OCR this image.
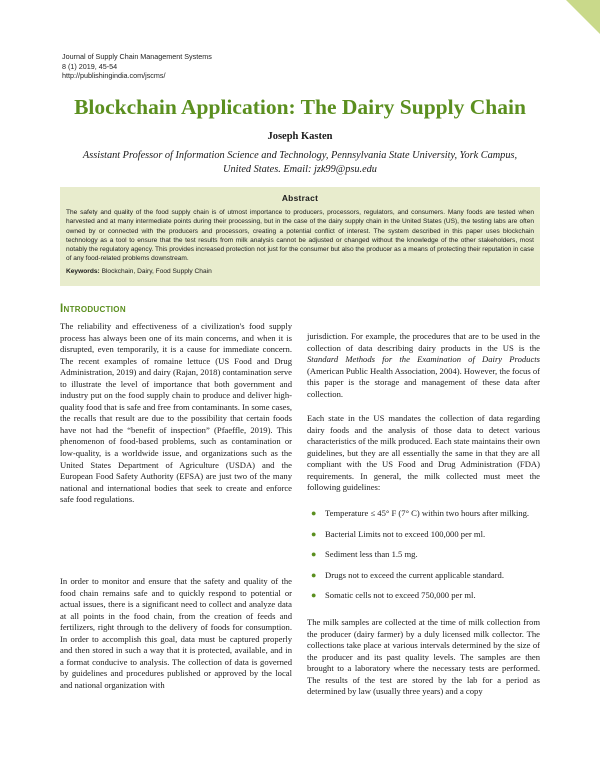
Journal of Supply Chain Management Systems
8 (1) 2019, 45-54
http://publishingindia.com/jscms/
Blockchain Application: The Dairy Supply Chain
Joseph Kasten
Assistant Professor of Information Science and Technology, Pennsylvania State University, York Campus,
United States. Email: jzk99@psu.edu
Abstract
The safety and quality of the food supply chain is of utmost importance to producers, processors, regulators, and consumers. Many foods are tested when harvested and at many intermediate points during their processing, but in the case of the dairy supply chain in the United States (US), the testing labs are often owned by or connected with the producers and processors, creating a potential conflict of interest. The system described in this paper uses blockchain technology as a tool to ensure that the test results from milk analysis cannot be adjusted or changed without the knowledge of the other stakeholders, most notably the regulatory agency. This provides increased protection not just for the consumer but also the producer as a means of protecting their reputation in case of any food-related problems downstream.
Keywords: Blockchain, Dairy, Food Supply Chain
Introduction

The reliability and effectiveness of a civilization's food supply process has always been one of its main concerns, and when it is disrupted, even temporarily, it is a cause for immediate concern. The recent examples of romaine lettuce (US Food and Drug Administration, 2019) and dairy (Rajan, 2018) contamination serve to illustrate the level of importance that both government and industry put on the food supply chain to produce and deliver high-quality food that is safe and free from contaminants. In some cases, the recalls that result are due to the possibility that certain foods have not had the “benefit of inspection” (Pfaeffle, 2019). This phenomenon of food-based problems, such as contamination or low-quality, is a worldwide issue, and organizations such as the United States Department of Agriculture (USDA) and the European Food Safety Authority (EFSA) are just two of the many national and international bodies that seek to create and enforce safe food regulations.

In order to monitor and ensure that the safety and quality of the food chain remains safe and to quickly respond to potential or actual issues, there is a significant need to collect and analyze data at all points in the food chain, from the creation of feeds and fertilizers, right through to the delivery of foods for consumption. In order to accomplish this goal, data must be captured properly and then stored in such a way that it is protected, available, and in a format conducive to analysis. The collection of data is governed by guidelines and procedures published or approved by the local and national organization with

jurisdiction. For example, the procedures that are to be used in the collection of data describing dairy products in the US is the Standard Methods for the Examination of Dairy Products (American Public Health Association, 2004). However, the focus of this paper is the storage and management of these data after collection.

Each state in the US mandates the collection of data regarding dairy foods and the analysis of those data to detect various characteristics of the milk produced. Each state maintains their own guidelines, but they are all essentially the same in that they are all compliant with the US Food and Drug Administration (FDA) requirements. In general, the milk collected must meet the following guidelines:

● Temperature ≤ 45° F (7° C) within two hours after milking.
● Bacterial Limits not to exceed 100,000 per ml.
● Sediment less than 1.5 mg.
● Drugs not to exceed the current applicable standard.
● Somatic cells not to exceed 750,000 per ml.

The milk samples are collected at the time of milk collection from the producer (dairy farmer) by a duly licensed milk collector. The collections take place at various intervals determined by the size of the producer and its past quality levels. The samples are then brought to a laboratory where the necessary tests are performed. The results of the test are stored by the lab for a period as determined by law (usually three years) and a copy
